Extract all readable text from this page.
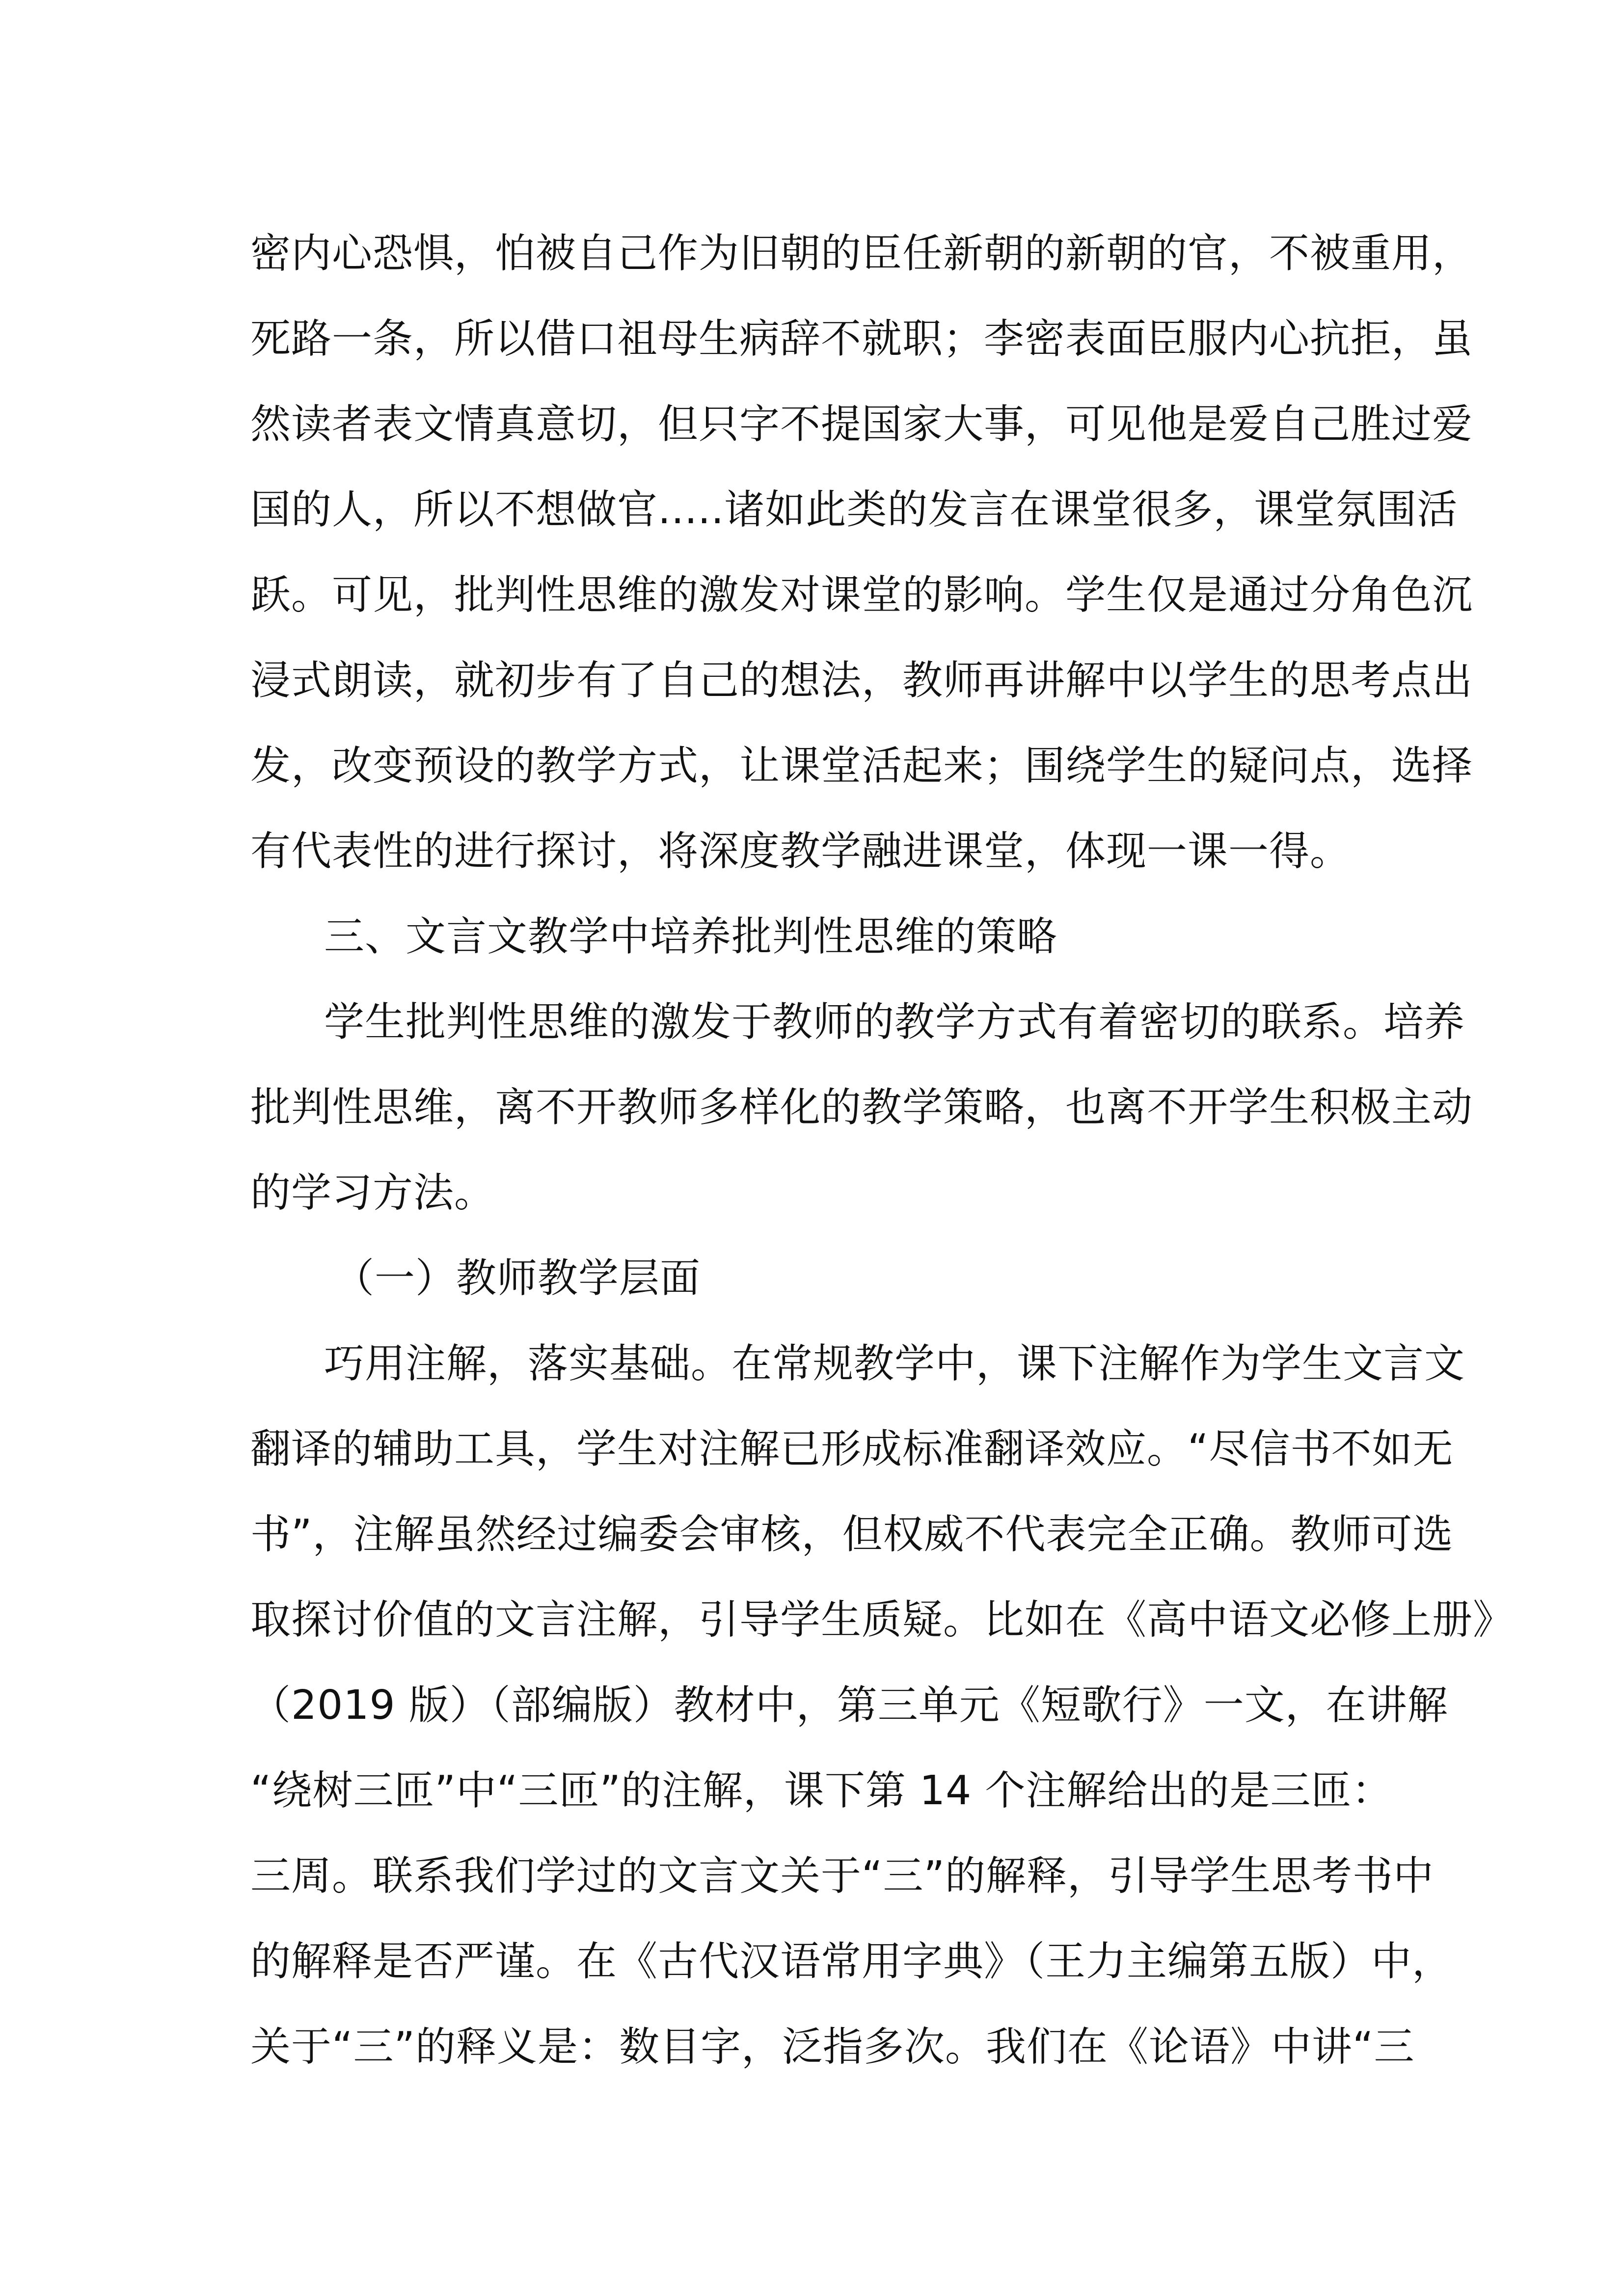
密内心恐惧，怕被自己作为旧朝的臣任新朝的新朝的官，不被重用，
死路一条，所以借口祖母生病辞不就职；李密表面臣服内心抗拒，虽
然读者表文情真意切，但只字不提国家大事，可见他是爱自己胜过爱
国的人，所以不想做官.....诸如此类的发言在课堂很多，课堂氛围活
跃。可见，批判性思维的激发对课堂的影响。学生仅是通过分角色沉
浸式朗读，就初步有了自己的想法，教师再讲解中以学生的思考点出
发，改变预设的教学方式，让课堂活起来；围绕学生的疑问点，选择
有代表性的进行探讨，将深度教学融进课堂，体现一课一得。
三、文言文教学中培养批判性思维的策略
学生批判性思维的激发于教师的教学方式有着密切的联系。培养
批判性思维，离不开教师多样化的教学策略，也离不开学生积极主动
的学习方法。
（一）教师教学层面
巧用注解，落实基础。在常规教学中，课下注解作为学生文言文
翻译的辅助工具，学生对注解已形成标准翻译效应。“尽信书不如无
书”，注解虽然经过编委会审核，但权威不代表完全正确。教师可选
取探讨价值的文言注解，引导学生质疑。比如在《高中语文必修上册》
（2019 版）（部编版）教材中，第三单元《短歌行》一文，在讲解
“绕树三匝”中“三匝”的注解，课下第 14 个注解给出的是三匝：
三周。联系我们学过的文言文关于“三”的解释，引导学生思考书中
的解释是否严谨。在《古代汉语常用字典》（王力主编第五版）中，
关于“三”的释义是：数目字，泛指多次。我们在《论语》中讲“三
